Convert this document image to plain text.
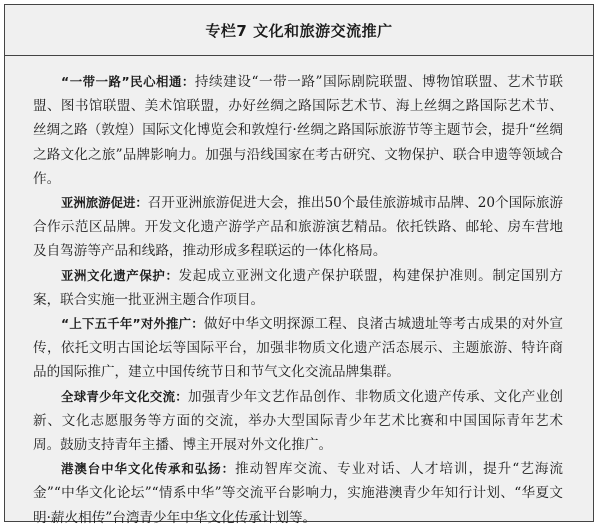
专栏7 文化和旅游交流推广

“一带一路”民心相通：持续建设“一带一路”国际剧院联盟、博物馆联盟、艺术节联盟、图书馆联盟、美术馆联盟，办好丝绸之路国际艺术节、海上丝绸之路国际艺术节、丝绸之路（敦煌）国际文化博览会和敦煌行·丝绸之路国际旅游节等主题节会，提升“丝绸之路文化之旅”品牌影响力。加强与沿线国家在考古研究、文物保护、联合申遗等领域合作。

亚洲旅游促进：召开亚洲旅游促进大会，推出50个最佳旅游城市品牌、20个国际旅游合作示范区品牌。开发文化遗产游学产品和旅游演艺精品。依托铁路、邮轮、房车营地及自驾游等产品和线路，推动形成多程联运的一体化格局。

亚洲文化遗产保护：发起成立亚洲文化遗产保护联盟，构建保护准则。制定国别方案，联合实施一批亚洲主题合作项目。

“上下五千年”对外推广：做好中华文明探源工程、良渚古城遗址等考古成果的对外宣传，依托文明古国论坛等国际平台，加强非物质文化遗产活态展示、主题旅游、特许商品的国际推广，建立中国传统节日和节气文化交流品牌集群。

全球青少年文化交流：加强青少年文艺作品创作、非物质文化遗产传承、文化产业创新、文化志愿服务等方面的交流，举办大型国际青少年艺术比赛和中国国际青年艺术周。鼓励支持青年主播、博主开展对外文化推广。

港澳台中华文化传承和弘扬：推动智库交流、专业对话、人才培训，提升“艺海流金”“中华文化论坛”“情系中华”等交流平台影响力，实施港澳青少年知行计划、“华夏文明·薪火相传”台湾青少年中华文化传承计划等。
